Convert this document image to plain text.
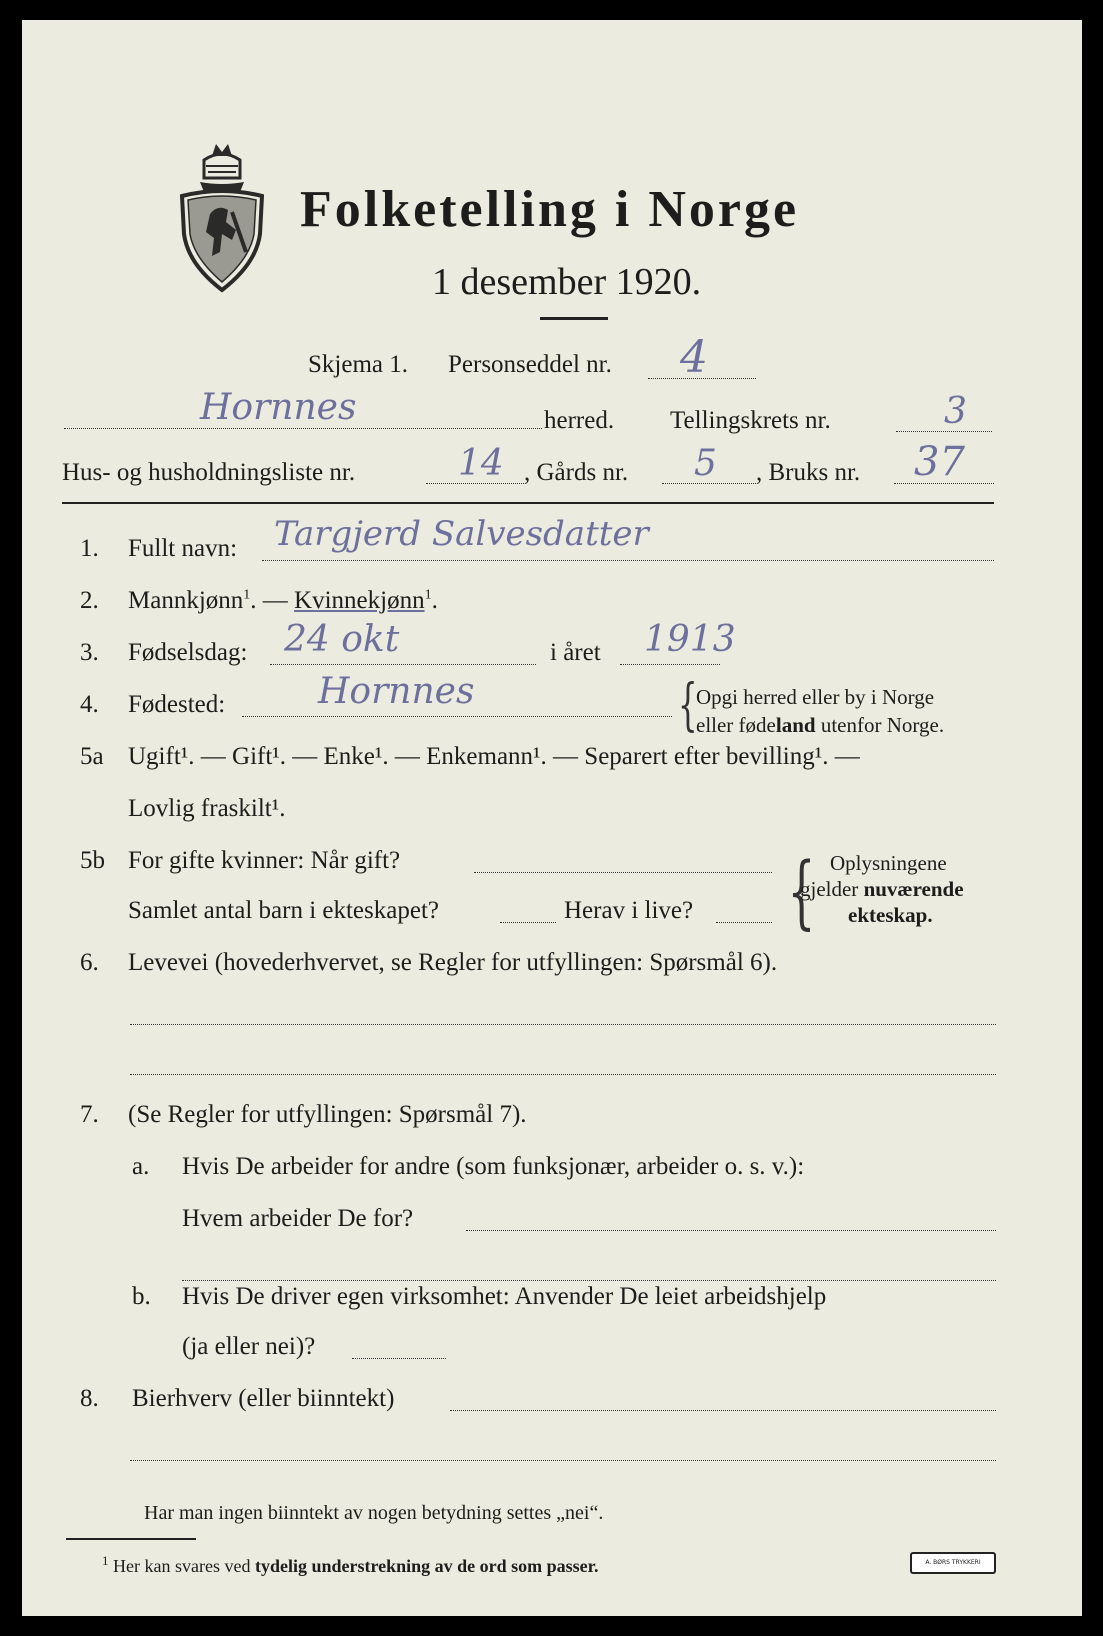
Folketelling i Norge
1 desember 1920.
Skjema 1. Personseddel nr. 4
Hornnes	herred. Tellingskrets nr.	3
Hus- og husholdningsliste nr.	14 , Gårds nr. 5 , Bruks nr. 37
1. Fullt navn: Targjerd Salvesdatter
2. Mannkjønn$^1$. — Kvinnekjønn$^1$.
3. Fødselsdag: 24 okt	i året 1913
4. Fødested:	Hornnes	{
Opgi herred eller by i Norge
eller fødeland utenfor Norge.
5a Ugift¹. — Gift¹. — Enke¹. — Enkemann¹. — Separert efter bevilling¹. —
Lovlig fraskilt¹.
5b For gifte kvinner: Når gift?
Samlet antal barn i ekteskapet?	Herav i live? { Oplysningene
gjelder nuværende
ekteskap.
6. Levevei (hovederhvervet, se Regler for utfyllingen: Spørsmål 6).
7. (Se Regler for utfyllingen: Spørsmål 7).
a. Hvis De arbeider for andre (som funksjonær, arbeider o. s. v.):
Hvem arbeider De for?
b. Hvis De driver egen virksomhet: Anvender De leiet arbeidshjelp
(ja eller nei)?
8. Bierhverv (eller biinntekt)
Har man ingen biinntekt av nogen betydning settes „nei“.
$^1$ Her kan svares ved tydelig understrekning av de ord som passer.	A. BØRS TRYKKERI
